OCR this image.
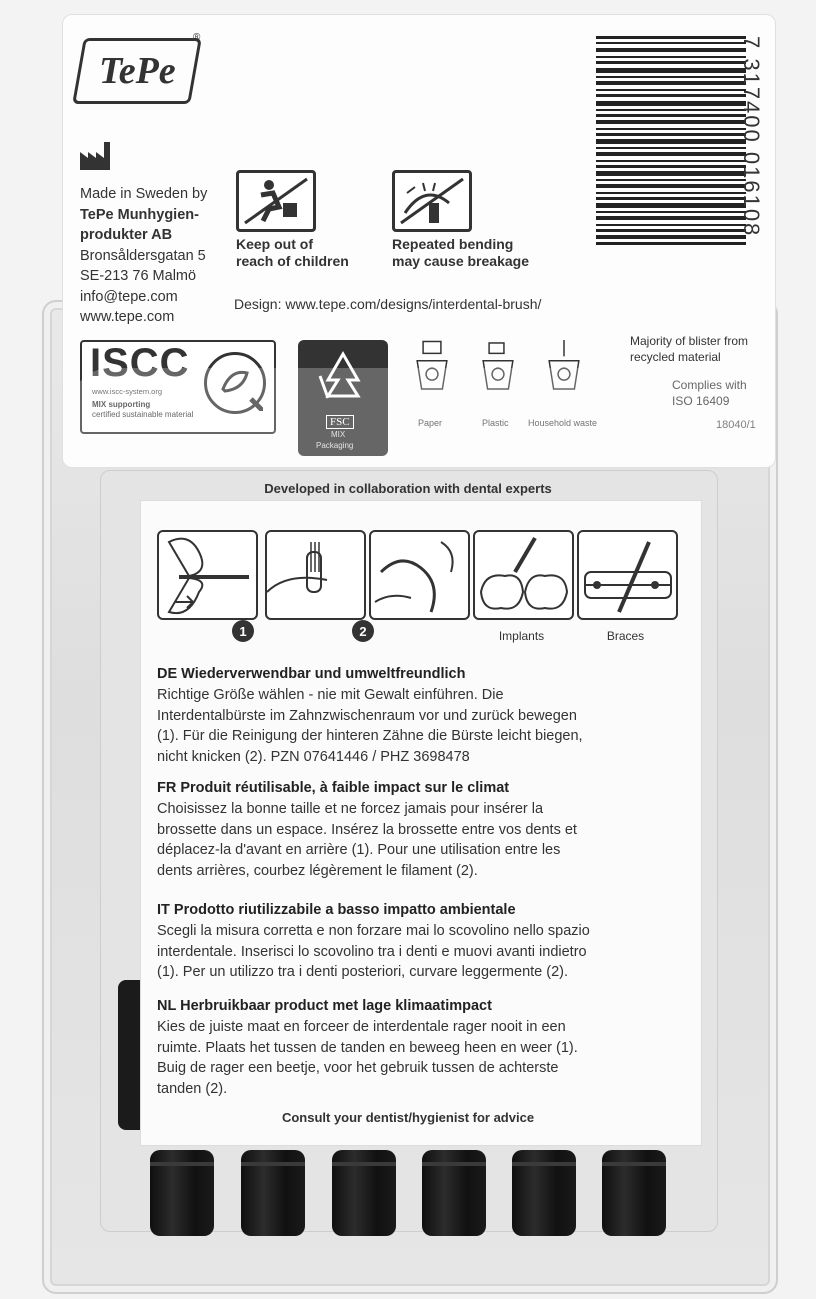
TePe
®
Made in Sweden by
TePe Munhygien-
produkter AB
Bronsåldersgatan 5
SE-213 76 Malmö
info@tepe.com
www.tepe.com
Keep out of
reach of children
Repeated bending
may cause breakage
Design: www.tepe.com/designs/interdental-brush/
7 317400 016108
Majority of blister from
recycled material
Complies with
ISO 16409
18040/1
ISCC
www.iscc-system.org
MIX supporting
certified sustainable material
FSC
MIX
Packaging
Paper	Plastic Household waste
Developed in collaboration with dental experts
1	2	Implants	Braces
DE Wiederverwendbar und umweltfreundlich
Richtige Größe wählen - nie mit Gewalt einführen. Die
Interdentalbürste im Zahnzwischenraum vor und zurück bewegen
(1). Für die Reinigung der hinteren Zähne die Bürste leicht biegen,
nicht knicken (2). PZN 07641446 / PHZ 3698478
FR Produit réutilisable, à faible impact sur le climat
Choisissez la bonne taille et ne forcez jamais pour insérer la
brossette dans un espace. Insérez la brossette entre vos dents et
déplacez-la d'avant en arrière (1). Pour une utilisation entre les
dents arrières, courbez légèrement le filament (2).
IT Prodotto riutilizzabile a basso impatto ambientale
Scegli la misura corretta e non forzare mai lo scovolino nello spazio
interdentale. Inserisci lo scovolino tra i denti e muovi avanti indietro
(1). Per un utilizzo tra i denti posteriori, curvare leggermente (2).
NL Herbruikbaar product met lage klimaatimpact
Kies de juiste maat en forceer de interdentale rager nooit in een
ruimte. Plaats het tussen de tanden en beweeg heen en weer (1).
Buig de rager een beetje, voor het gebruik tussen de achterste
tanden (2).
Consult your dentist/hygienist for advice
